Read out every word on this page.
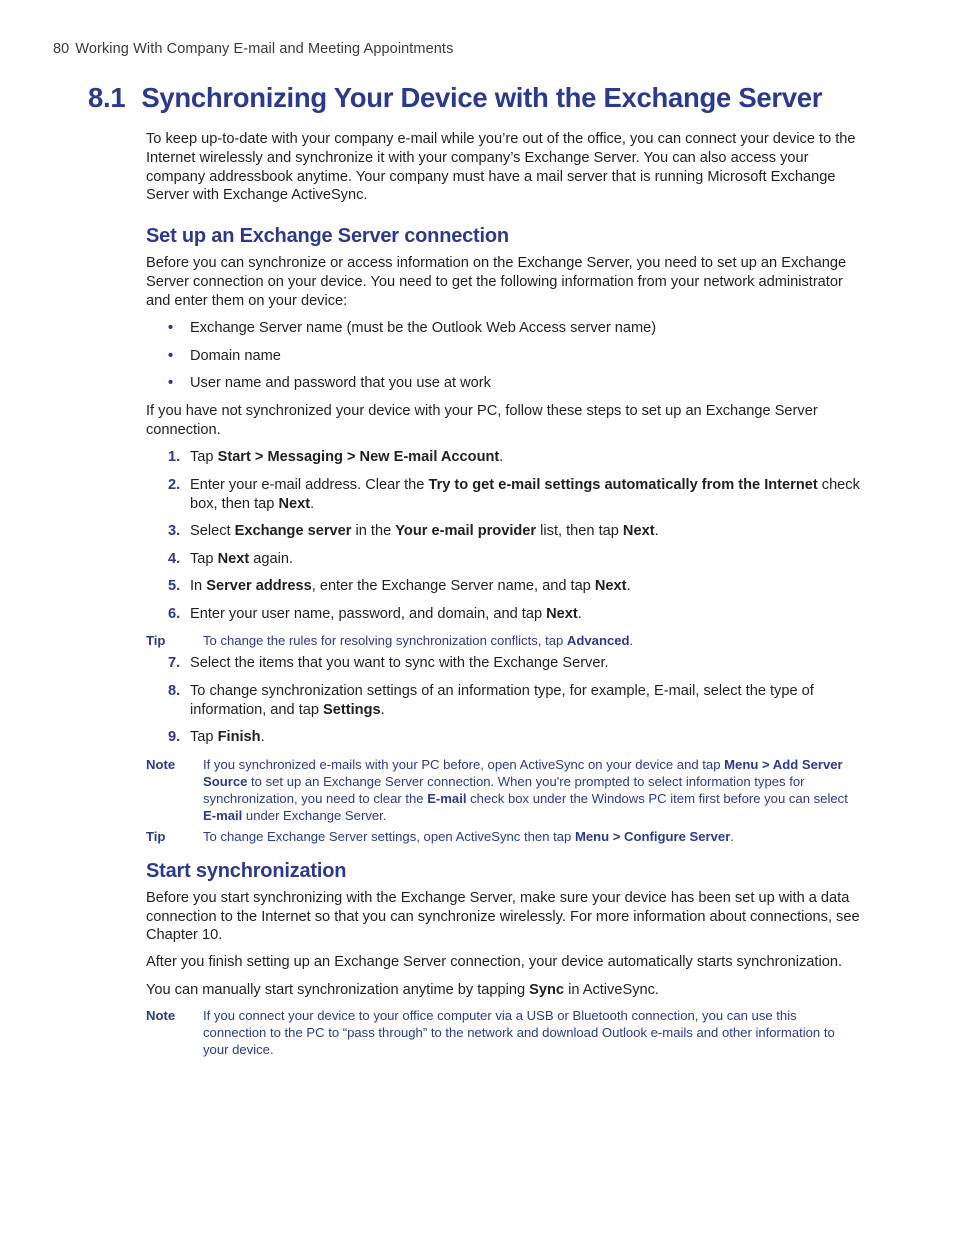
80 Working With Company E-mail and Meeting Appointments
8.1 Synchronizing Your Device with the Exchange Server

To keep up-to-date with your company e-mail while you’re out of the office, you can connect your device to the Internet wirelessly and synchronize it with your company’s Exchange Server. You can also access your company addressbook anytime. Your company must have a mail server that is running Microsoft Exchange Server with Exchange ActiveSync.

Set up an Exchange Server connection

Before you can synchronize or access information on the Exchange Server, you need to set up an Exchange Server connection on your device. You need to get the following information from your network administrator and enter them on your device:

• Exchange Server name (must be the Outlook Web Access server name)
• Domain name
• User name and password that you use at work

If you have not synchronized your device with your PC, follow these steps to set up an Exchange Server connection.

1. Tap Start > Messaging > New E-mail Account.
2. Enter your e-mail address. Clear the Try to get e-mail settings automatically from the Internet check box, then tap Next.
3. Select Exchange server in the Your e-mail provider list, then tap Next.
4. Tap Next again.
5. In Server address, enter the Exchange Server name, and tap Next.
6. Enter your user name, password, and domain, and tap Next.
Tip	To change the rules for resolving synchronization conflicts, tap Advanced.
7. Select the items that you want to sync with the Exchange Server.
8. To change synchronization settings of an information type, for example, E-mail, select the type of information, and tap Settings.
9. Tap Finish.
Note If you synchronized e-mails with your PC before, open ActiveSync on your device and tap Menu > Add Server Source to set up an Exchange Server connection. When you're prompted to select information types for synchronization, you need to clear the E-mail check box under the Windows PC item first before you can select E-mail under Exchange Server.
Tip	To change Exchange Server settings, open ActiveSync then tap Menu > Configure Server.
Start synchronization

Before you start synchronizing with the Exchange Server, make sure your device has been set up with a data connection to the Internet so that you can synchronize wirelessly. For more information about connections, see Chapter 10.

After you finish setting up an Exchange Server connection, your device automatically starts synchronization.

You can manually start synchronization anytime by tapping Sync in ActiveSync.

Note If you connect your device to your office computer via a USB or Bluetooth connection, you can use this connection to the PC to “pass through” to the network and download Outlook e-mails and other information to your device.
